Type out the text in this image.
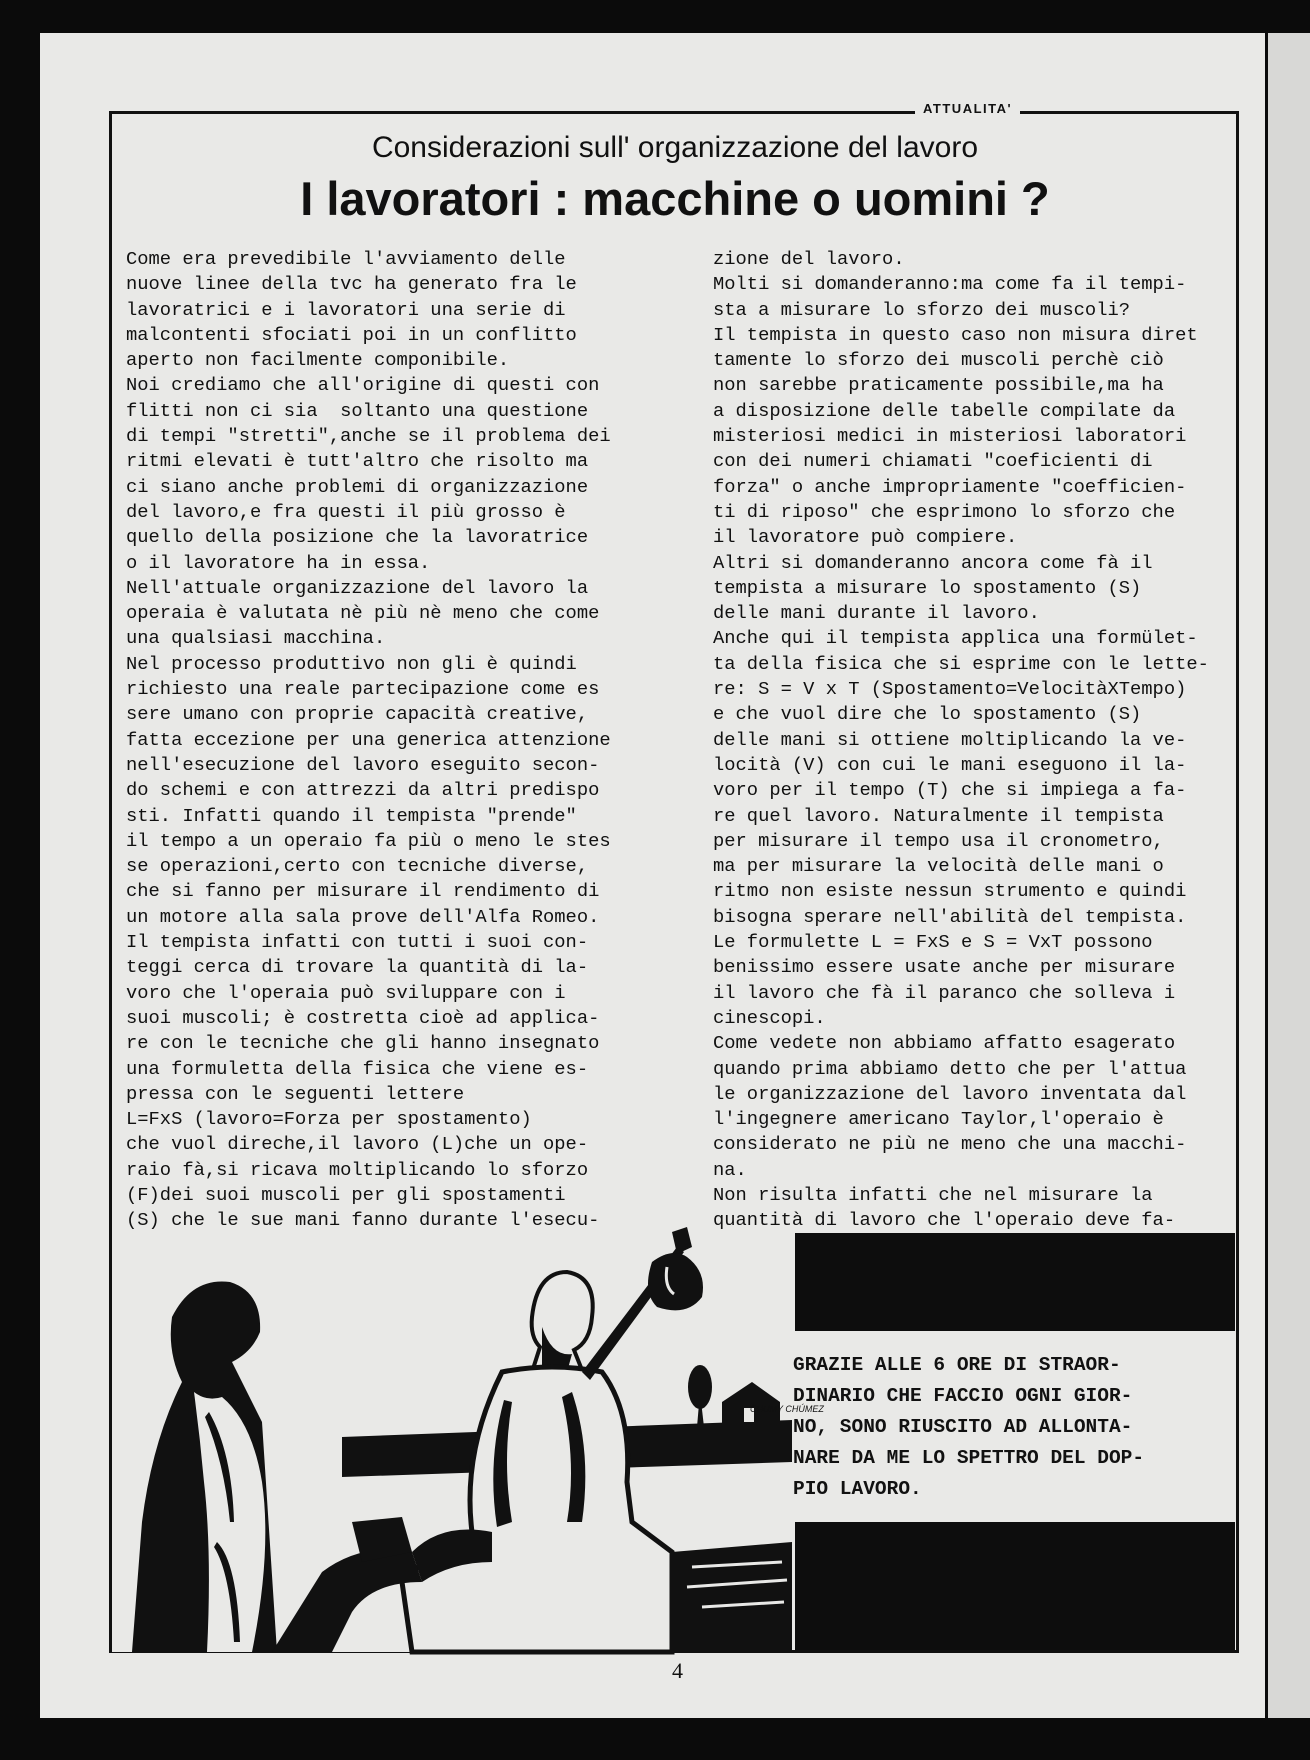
ATTUALITA'
Considerazioni sull' organizzazione del lavoro
I lavoratori : macchine o uomini ?
Come era prevedibile l'avviamento delle
nuove linee della tvc ha generato fra le
lavoratrici e i lavoratori una serie di
malcontenti sfociati poi in un conflitto
aperto non facilmente componibile.
Noi crediamo che all'origine di questi con
flitti non ci sia  soltanto una questione
di tempi "stretti",anche se il problema dei
ritmi elevati è tutt'altro che risolto ma
ci siano anche problemi di organizzazione
del lavoro,e fra questi il più grosso è
quello della posizione che la lavoratrice
o il lavoratore ha in essa.
Nell'attuale organizzazione del lavoro la
operaia è valutata nè più nè meno che come
una qualsiasi macchina.
Nel processo produttivo non gli è quindi
richiesto una reale partecipazione come es
sere umano con proprie capacità creative,
fatta eccezione per una generica attenzione
nell'esecuzione del lavoro eseguito secon-
do schemi e con attrezzi da altri predispo
sti. Infatti quando il tempista "prende"
il tempo a un operaio fa più o meno le stes
se operazioni,certo con tecniche diverse,
che si fanno per misurare il rendimento di
un motore alla sala prove dell'Alfa Romeo.
Il tempista infatti con tutti i suoi con-
teggi cerca di trovare la quantità di la-
voro che l'operaia può sviluppare con i
suoi muscoli; è costretta cioè ad applica-
re con le tecniche che gli hanno insegnato
una formuletta della fisica che viene es-
pressa con le seguenti lettere
L=FxS (lavoro=Forza per spostamento)
che vuol direche,il lavoro (L)che un ope-
raio fà,si ricava moltiplicando lo sforzo
(F)dei suoi muscoli per gli spostamenti
(S) che le sue mani fanno durante l'esecu-
zione del lavoro.
Molti si domanderanno:ma come fa il tempi-
sta a misurare lo sforzo dei muscoli?
Il tempista in questo caso non misura diret
tamente lo sforzo dei muscoli perchè ciò
non sarebbe praticamente possibile,ma ha
a disposizione delle tabelle compilate da
misteriosi medici in misteriosi laboratori
con dei numeri chiamati "coeficienti di
forza" o anche impropriamente "coefficien-
ti di riposo" che esprimono lo sforzo che
il lavoratore può compiere.
Altri si domanderanno ancora come fà il
tempista a misurare lo spostamento (S)
delle mani durante il lavoro.
Anche qui il tempista applica una formület-
ta della fisica che si esprime con le lette-
re: S = V x T (Spostamento=VelocitàXTempo)
e che vuol dire che lo spostamento (S)
delle mani si ottiene moltiplicando la ve-
locità (V) con cui le mani eseguono il la-
voro per il tempo (T) che si impiega a fa-
re quel lavoro. Naturalmente il tempista
per misurare il tempo usa il cronometro,
ma per misurare la velocità delle mani o
ritmo non esiste nessun strumento e quindi
bisogna sperare nell'abilità del tempista.
Le formulette L = FxS e S = VxT possono
benissimo essere usate anche per misurare
il lavoro che fà il paranco che solleva i
cinescopi.
Come vedete non abbiamo affatto esagerato
quando prima abbiamo detto che per l'attua
le organizzazione del lavoro inventata dal
l'ingegnere americano Taylor,l'operaio è
considerato ne più ne meno che una macchi-
na.
Non risulta infatti che nel misurare la
quantità di lavoro che l'operaio deve fa-
CHUMY CHÚMEZ
GRAZIE ALLE 6 ORE DI STRAOR-
DINARIO CHE FACCIO OGNI GIOR-
NO, SONO RIUSCITO AD ALLONTA-
NARE DA ME LO SPETTRO DEL DOP-
PIO LAVORO.
4
